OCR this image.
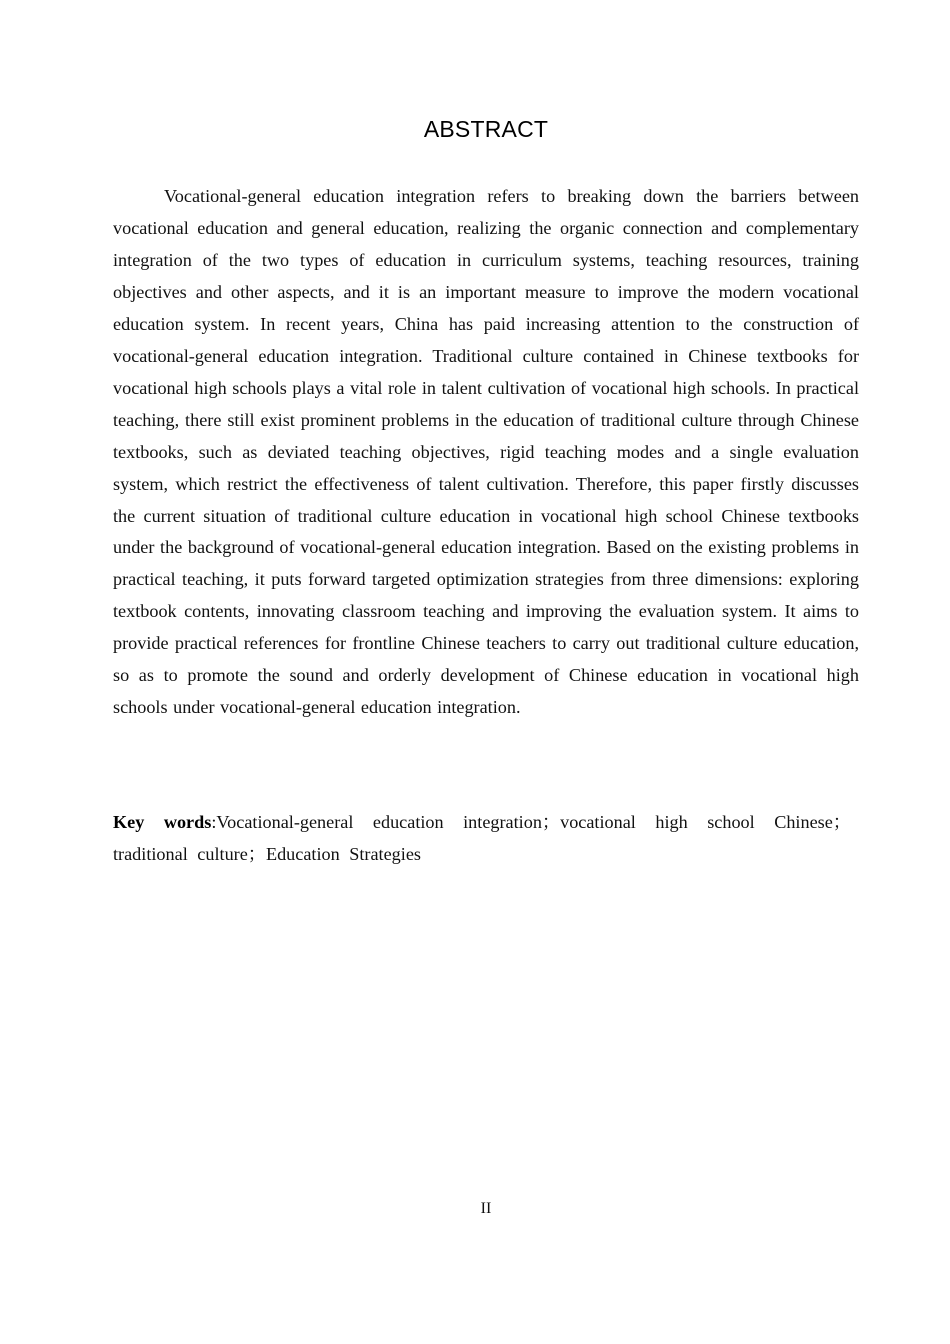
ABSTRACT

Vocational-general education integration refers to breaking down the barriers between vocational education and general education, realizing the organic connection and complementary integration of the two types of education in curriculum systems, teaching resources, training objectives and other aspects, and it is an important measure to improve the modern vocational education system. In recent years, China has paid increasing attention to the construction of vocational-general education integration. Traditional culture contained in Chinese textbooks for vocational high schools plays a vital role in talent cultivation of vocational high schools. In practical teaching, there still exist prominent problems in the education of traditional culture through Chinese textbooks, such as deviated teaching objectives, rigid teaching modes and a single evaluation system, which restrict the effectiveness of talent cultivation. Therefore, this paper firstly discusses the current situation of traditional culture education in vocational high school Chinese textbooks under the background of vocational-general education integration. Based on the existing problems in practical teaching, it puts forward targeted optimization strategies from three dimensions: exploring textbook contents, innovating classroom teaching and improving the evaluation system. It aims to provide practical references for frontline Chinese teachers to carry out traditional culture education, so as to promote the sound and orderly development of Chinese education in vocational high schools under vocational-general education integration.

Key words:Vocational-general education integration；vocational high school Chinese；traditional culture；Education Strategies

II
